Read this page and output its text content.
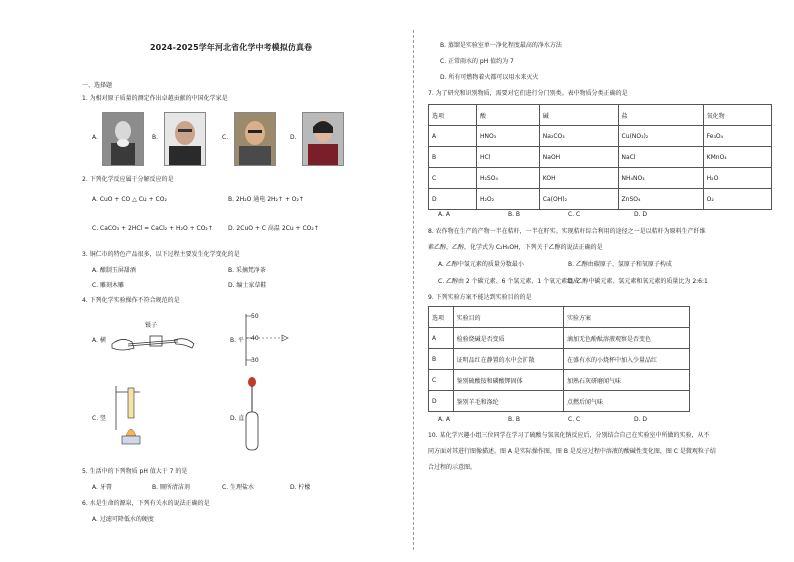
2024-2025学年河北省化学中考模拟仿真卷
一、选择题
1. 为相对原子质量的测定作出卓越贡献的中国化学家是
A.	B.	C.	D.
2. 下列化学反应属于分解反应的是
A. CuO + CO △ Cu + CO₂	B. 2H₂O 通电 2H₂↑ + O₂↑
C. CaCO₃ + 2HCl = CaCl₂ + H₂O + CO₂↑	D. 2CuO + C 高温 2Cu + CO₂↑
3. 铜仁市的特色产品很多，以下过程主要发生化学变化的是
A. 酿制玉屏甜酒	B. 采摘梵净茶
C. 雕刻木雕	D. 编土家草鞋
4. 下列化学实验操作不符合规范的是
A. 横
镊子
B. 平
50
40
30
C. 竖	D. 直
5. 生活中的下列物质 pH 值大于 7 的是
A. 牙膏	B. 厕所清洁剂	C. 生理盐水	D. 柠檬
6. 水是生命的源泉，下列有关水的说法正确的是
A. 过滤可降低水的硬度
B. 蒸馏是实验室单一净化程度最高的净水方法
C. 正常雨水的 pH 值约为 7
D. 所有可燃物着火都可以用水来灭火
7. 为了研究和识别物质，需要对它们进行分门别类。表中物质分类正确的是
选项	酸	碱	盐	氧化物
A	HNO₃	Na₂CO₃	Cu(NO₃)₂	Fe₃O₄
B	HCl	NaOH	NaCl	KMnO₄
C	H₂SO₄	KOH	NH₄NO₃	H₂O
D	H₂O₂	Ca(OH)₂	ZnSO₄	O₂
A. A	B. B	C. C	D. D
8. 农作物在生产的产物一半在秸秆，一半在籽实。实现秸秆综合利用的途径之一是以秸秆为原料生产纤维
素乙醇，乙醇，化学式为 C₂H₅OH，下列关于乙醇的说法正确的是
A. 乙醇中氢元素的质量分数最小	B. 乙醇由碳原子、氢原子和氧原子构成
C. 乙醇由 2 个碳元素、6 个氢元素、1 个氧元素组成
D. 乙醇中碳元素、氢元素和氧元素的质量比为 2:6:1
9. 下列实验方案不能达到实验目的的是
选项	实验目的	实验方案
A	检验烧碱是否变质	滴加无色酚酞溶液观察是否变色
B	证明品红在静置的水中会扩散	在盛有水的小烧杯中加入少量品红
C	鉴别硫酸铵和磷酸钾固体	加熟石灰研磨闻气味
D	鉴别羊毛和涤纶	点燃后闻气味
A. A	B. B	C. C	D. D
10. 某化学兴趣小组三位同学在学习了硫酸与氢氧化钠反应后，分别结合自己在实验室中所做的实验，从不
同方面对其进行图像描述。图 A 是实际操作图，图 B 是反应过程中溶液的酸碱性变化图，图 C 是微观粒子结
合过程的示意图。
